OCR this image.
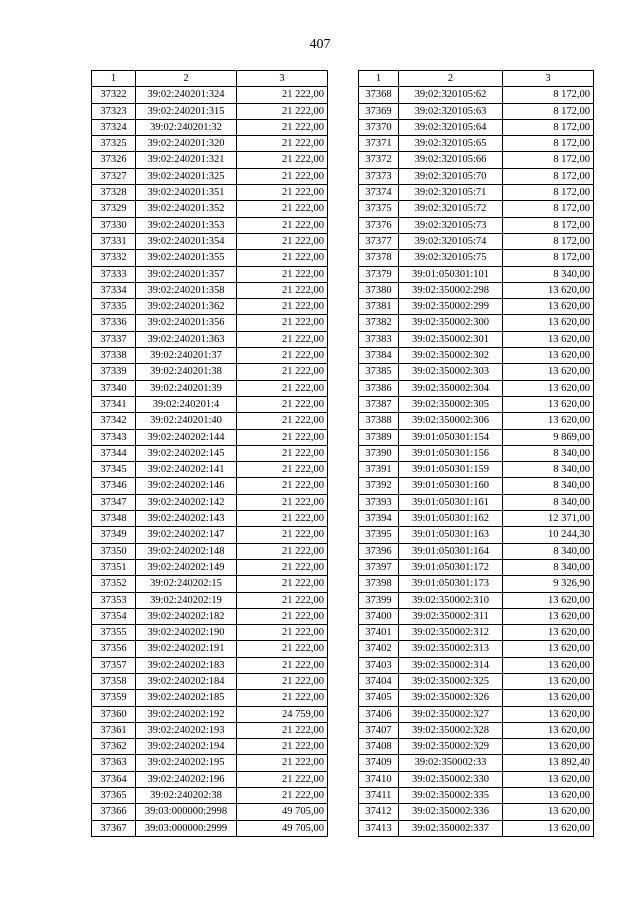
407
1	2	3
37322	39:02:240201:324	21 222,00
37323	39:02:240201:315	21 222,00
37324	39:02:240201:32	21 222,00
37325	39:02:240201:320	21 222,00
37326	39:02:240201:321	21 222,00
37327	39:02:240201:325	21 222,00
37328	39:02:240201:351	21 222,00
37329	39:02:240201:352	21 222,00
37330	39:02:240201:353	21 222,00
37331	39:02:240201:354	21 222,00
37332	39:02:240201:355	21 222,00
37333	39:02:240201:357	21 222,00
37334	39:02:240201:358	21 222,00
37335	39:02:240201:362	21 222,00
37336	39:02:240201:356	21 222,00
37337	39:02:240201:363	21 222,00
37338	39:02:240201:37	21 222,00
37339	39:02:240201:38	21 222,00
37340	39:02:240201:39	21 222,00
37341	39:02:240201:4	21 222,00
37342	39:02:240201:40	21 222,00
37343	39:02:240202:144	21 222,00
37344	39:02:240202:145	21 222,00
37345	39:02:240202:141	21 222,00
37346	39:02:240202:146	21 222,00
37347	39:02:240202:142	21 222,00
37348	39:02:240202:143	21 222,00
37349	39:02:240202:147	21 222,00
37350	39:02:240202:148	21 222,00
37351	39:02:240202:149	21 222,00
37352	39:02:240202:15	21 222,00
37353	39:02:240202:19	21 222,00
37354	39:02:240202:182	21 222,00
37355	39:02:240202:190	21 222,00
37356	39:02:240202:191	21 222,00
37357	39:02:240202:183	21 222,00
37358	39:02:240202:184	21 222,00
37359	39:02:240202:185	21 222,00
37360	39:02:240202:192	24 759,00
37361	39:02:240202:193	21 222,00
37362	39:02:240202:194	21 222,00
37363	39:02:240202:195	21 222,00
37364	39:02:240202:196	21 222,00
37365	39:02:240202:38	21 222,00
37366	39:03:000000:2998	49 705,00
37367	39:03:000000:2999	49 705,00
1	2	3
37368	39:02:320105:62	8 172,00
37369	39:02:320105:63	8 172,00
37370	39:02:320105:64	8 172,00
37371	39:02:320105:65	8 172,00
37372	39:02:320105:66	8 172,00
37373	39:02:320105:70	8 172,00
37374	39:02:320105:71	8 172,00
37375	39:02:320105:72	8 172,00
37376	39:02:320105:73	8 172,00
37377	39:02:320105:74	8 172,00
37378	39:02:320105:75	8 172,00
37379	39:01:050301:101	8 340,00
37380	39:02:350002:298	13 620,00
37381	39:02:350002:299	13 620,00
37382	39:02:350002:300	13 620,00
37383	39:02:350002:301	13 620,00
37384	39:02:350002:302	13 620,00
37385	39:02:350002:303	13 620,00
37386	39:02:350002:304	13 620,00
37387	39:02:350002:305	13 620,00
37388	39:02:350002:306	13 620,00
37389	39:01:050301:154	9 869,00
37390	39:01:050301:156	8 340,00
37391	39:01:050301:159	8 340,00
37392	39:01:050301:160	8 340,00
37393	39:01:050301:161	8 340,00
37394	39:01:050301:162	12 371,00
37395	39:01:050301:163	10 244,30
37396	39:01:050301:164	8 340,00
37397	39:01:050301:172	8 340,00
37398	39:01:050301:173	9 326,90
37399	39:02:350002:310	13 620,00
37400	39:02:350002:311	13 620,00
37401	39:02:350002:312	13 620,00
37402	39:02:350002:313	13 620,00
37403	39:02:350002:314	13 620,00
37404	39:02:350002:325	13 620,00
37405	39:02:350002:326	13 620,00
37406	39:02:350002:327	13 620,00
37407	39:02:350002:328	13 620,00
37408	39:02:350002:329	13 620,00
37409	39:02:350002:33	13 892,40
37410	39:02:350002:330	13 620,00
37411	39:02:350002:335	13 620,00
37412	39:02:350002:336	13 620,00
37413	39:02:350002:337	13 620,00
